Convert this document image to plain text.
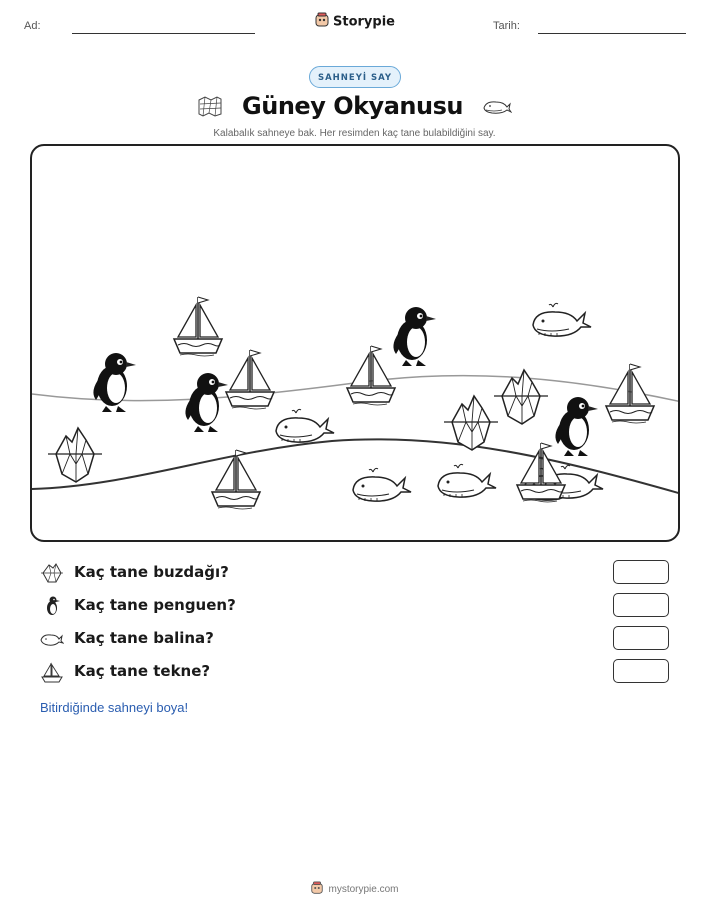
Ad:	Storypie	Tarih:
SAHNEYİ SAY
Güney Okyanusu
Kalabalık sahneye bak. Her resimden kaç tane bulabildiğini say.
Kaç tane buzdağı?
Kaç tane penguen?
Kaç tane balina?
Kaç tane tekne?
Bitirdiğinde sahneyi boya!
mystorypie.com
